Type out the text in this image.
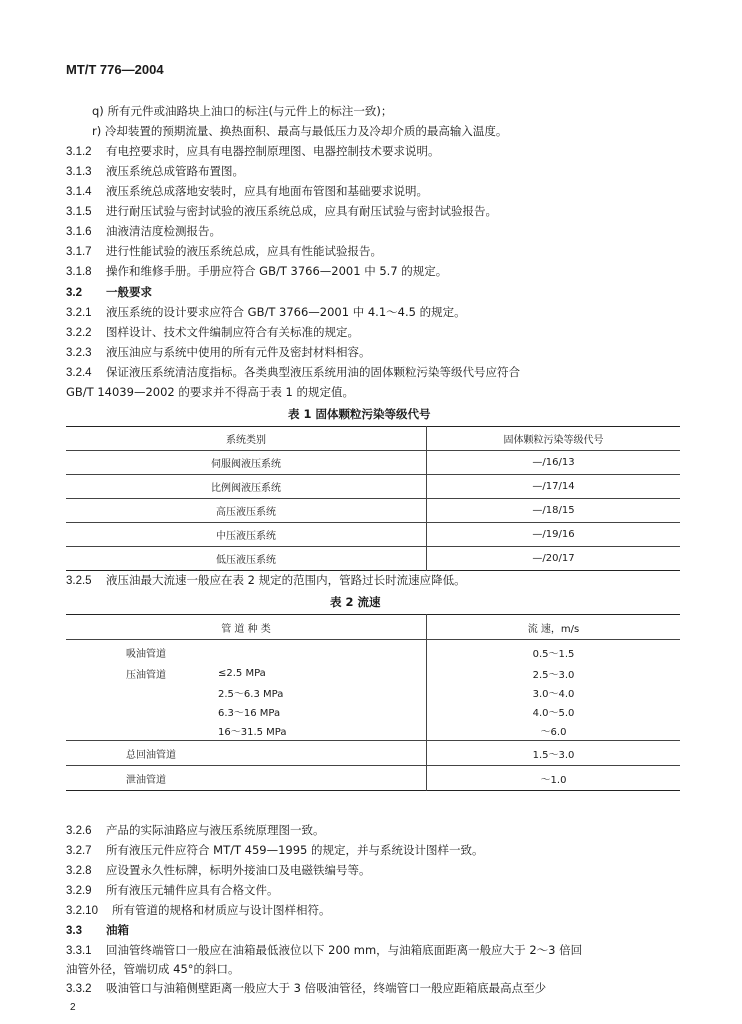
MT/T 776—2004
q) 所有元件或油路块上油口的标注(与元件上的标注一致)；
r) 冷却装置的预期流量、换热面积、最高与最低压力及冷却介质的最高输入温度。
3.1.2 有电控要求时，应具有电器控制原理图、电器控制技术要求说明。
3.1.3 液压系统总成管路布置图。
3.1.4 液压系统总成落地安装时，应具有地面布管图和基础要求说明。
3.1.5 进行耐压试验与密封试验的液压系统总成，应具有耐压试验与密封试验报告。
3.1.6 油液清洁度检测报告。
3.1.7 进行性能试验的液压系统总成，应具有性能试验报告。
3.1.8 操作和维修手册。手册应符合 GB/T 3766—2001 中 5.7 的规定。
3.2 一般要求
3.2.1 液压系统的设计要求应符合 GB/T 3766—2001 中 4.1～4.5 的规定。
3.2.2 图样设计、技术文件编制应符合有关标准的规定。
3.2.3 液压油应与系统中使用的所有元件及密封材料相容。
3.2.4 保证液压系统清洁度指标。各类典型液压系统用油的固体颗粒污染等级代号应符合
GB/T 14039—2002 的要求并不得高于表 1 的规定值。
表 1 固体颗粒污染等级代号
系统类别	固体颗粒污染等级代号
伺服阀液压系统	—/16/13
比例阀液压系统	—/17/14
高压液压系统	—/18/15
中压液压系统	—/19/16
低压液压系统	—/20/17
3.2.5 液压油最大流速一般应在表 2 规定的范围内，管路过长时流速应降低。
表 2 流速
管 道 种 类		流 速，m/s
吸油管道		0.5～1.5
压油管道	≤2.5 MPa	2.5～3.0
	2.5～6.3 MPa	3.0～4.0
	6.3～16 MPa	4.0～5.0
	16～31.5 MPa	～6.0
总回油管道		1.5～3.0
泄油管道		～1.0
3.2.6 产品的实际油路应与液压系统原理图一致。
3.2.7 所有液压元件应符合 MT/T 459—1995 的规定，并与系统设计图样一致。
3.2.8 应设置永久性标牌，标明外接油口及电磁铁编号等。
3.2.9 所有液压元辅件应具有合格文件。
3.2.10 所有管道的规格和材质应与设计图样相符。
3.3 油箱
3.3.1 回油管终端管口一般应在油箱最低液位以下 200 mm，与油箱底面距离一般应大于 2～3 倍回
油管外径，管端切成 45°的斜口。
3.3.2 吸油管口与油箱侧壁距离一般应大于 3 倍吸油管径，终端管口一般应距箱底最高点至少
2
